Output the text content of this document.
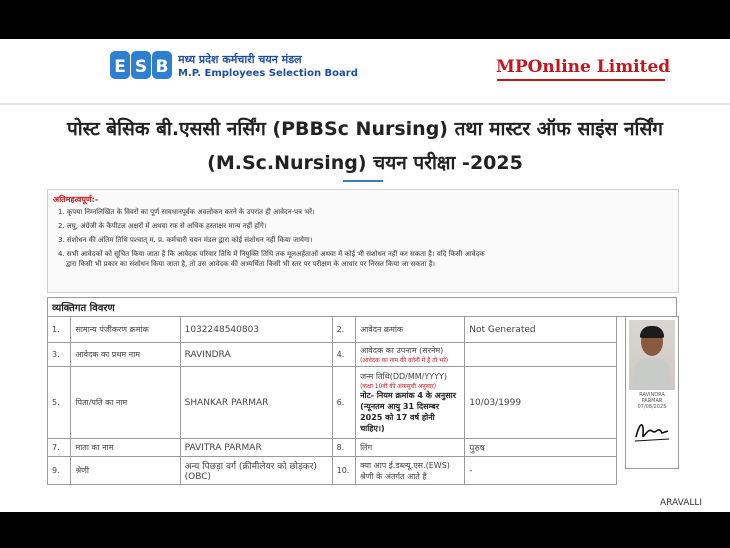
E S B मध्य प्रदेश कर्मचारी चयन मंडल
M.P. Employees Selection Board	MPOnline Limited
पोस्ट बेसिक बी.एससी नर्सिंग (PBBSc Nursing) तथा मास्टर ऑफ साइंस नर्सिंग
(M.Sc.Nursing) चयन परीक्षा -2025
अतिमहत्वपूर्ण:-
1. कृपया निम्नलिखित के विवरों का पूर्ण सावधानपूर्वक अवलोकन करने के उपरांत ही आवेदन-पत्र भरें।
2. लघु, अंग्रेजी के कैपीटल अक्षरों में अथवा रफ़ से अधिक हस्ताक्षर मान्य नहीं होंगे।
3. संशोधन की अंतिम तिथि पश्चात् म. प्र. कर्मचारी चयन मंडल द्वारा कोई संशोधन नहीं किया जायेगा।
4. सभी आवेदकों को सूचित किया जाता है कि आवेदक परिवार तिथि में नियुक्ति तिथि तक मूलअर्हताओं अथवा में कोई भी संशोधन नहीं कर सकता है। यदि किसी आवेदक
द्वारा किसी भी प्रकार का संशोधन किया जाता है, तो उस आवेदक की अभ्यर्थिता किसी भी स्तर पर परीक्षण के आधार पर निरस्त किया जा सकता है।
व्यक्तिगत विवरण						
1.	सामान्य पंजीकरण क्रमांक	1032248540803	2.	आवेदन क्रमांक	Not Generated	
3.	आवेदक का प्रथम नाम	RAVINDRA	4.	आवेदक का उपनाम (सरनेम)
(आवेदक का नाम की वर्तनी में है तो भरें)		

5.	पिता/पति का नाम	SHANKAR PARMAR	6.	जन्म तिथि(DD/MM/YYYY)
(कक्षा 10वीं की अंकसूची अनुसार)
नोट- नियम क्रमांक 4 के अनुसार (न्यूनतम आयु 31 दिसम्बर 2025 को 17 वर्ष होनी चाहिए।)	10/03/1999	
7.	माता का नाम	PAVITRA PARMAR	8.	लिंग	पुरुष	
9.	श्रेणी	अन्य पिछड़ा वर्ग (क्रीमीलेयर को छोड़कर) (OBC)	10.	क्या आप ई.डब्ल्यू.एस.(EWS) श्रेणी के अंतर्गत आते है	-	
RAVINDRA PARMAR 07/08/2025
ARAVALLI
